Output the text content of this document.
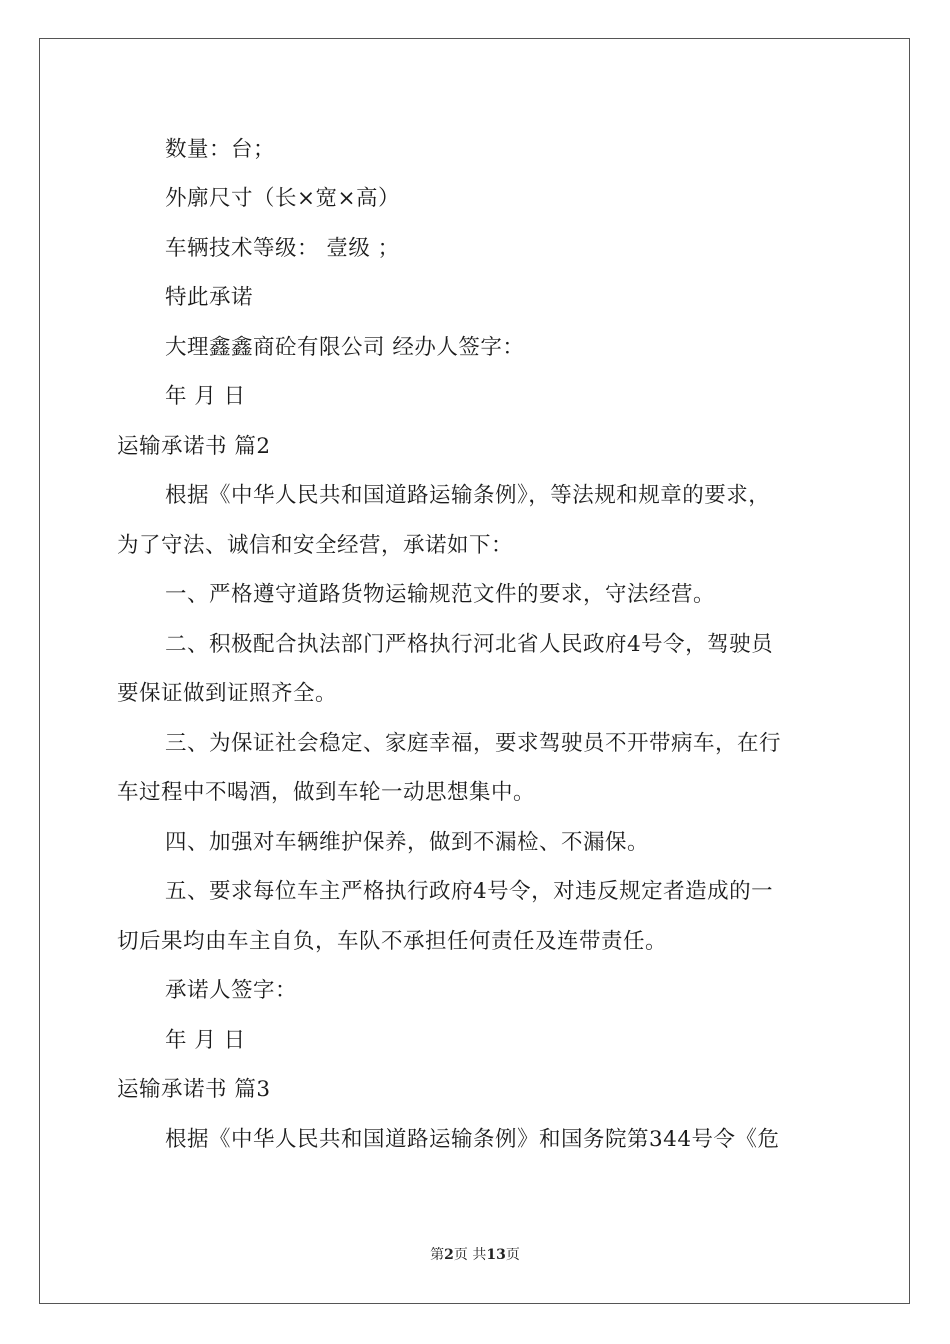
数量：台；
外廓尺寸（长×宽×高）
车辆技术等级： 壹级 ；
特此承诺
大理鑫鑫商砼有限公司 经办人签字：
年 月 日
运输承诺书 篇2
根据《中华人民共和国道路运输条例》，等法规和规章的要求，
为了守法、诚信和安全经营，承诺如下：
一、严格遵守道路货物运输规范文件的要求，守法经营。
二、积极配合执法部门严格执行河北省人民政府4号令，驾驶员
要保证做到证照齐全。
三、为保证社会稳定、家庭幸福，要求驾驶员不开带病车，在行
车过程中不喝酒，做到车轮一动思想集中。
四、加强对车辆维护保养，做到不漏检、不漏保。
五、要求每位车主严格执行政府4号令，对违反规定者造成的一
切后果均由车主自负，车队不承担任何责任及连带责任。
承诺人签字：
年 月 日
运输承诺书 篇3
根据《中华人民共和国道路运输条例》和国务院第344号令《危
第2页 共13页
